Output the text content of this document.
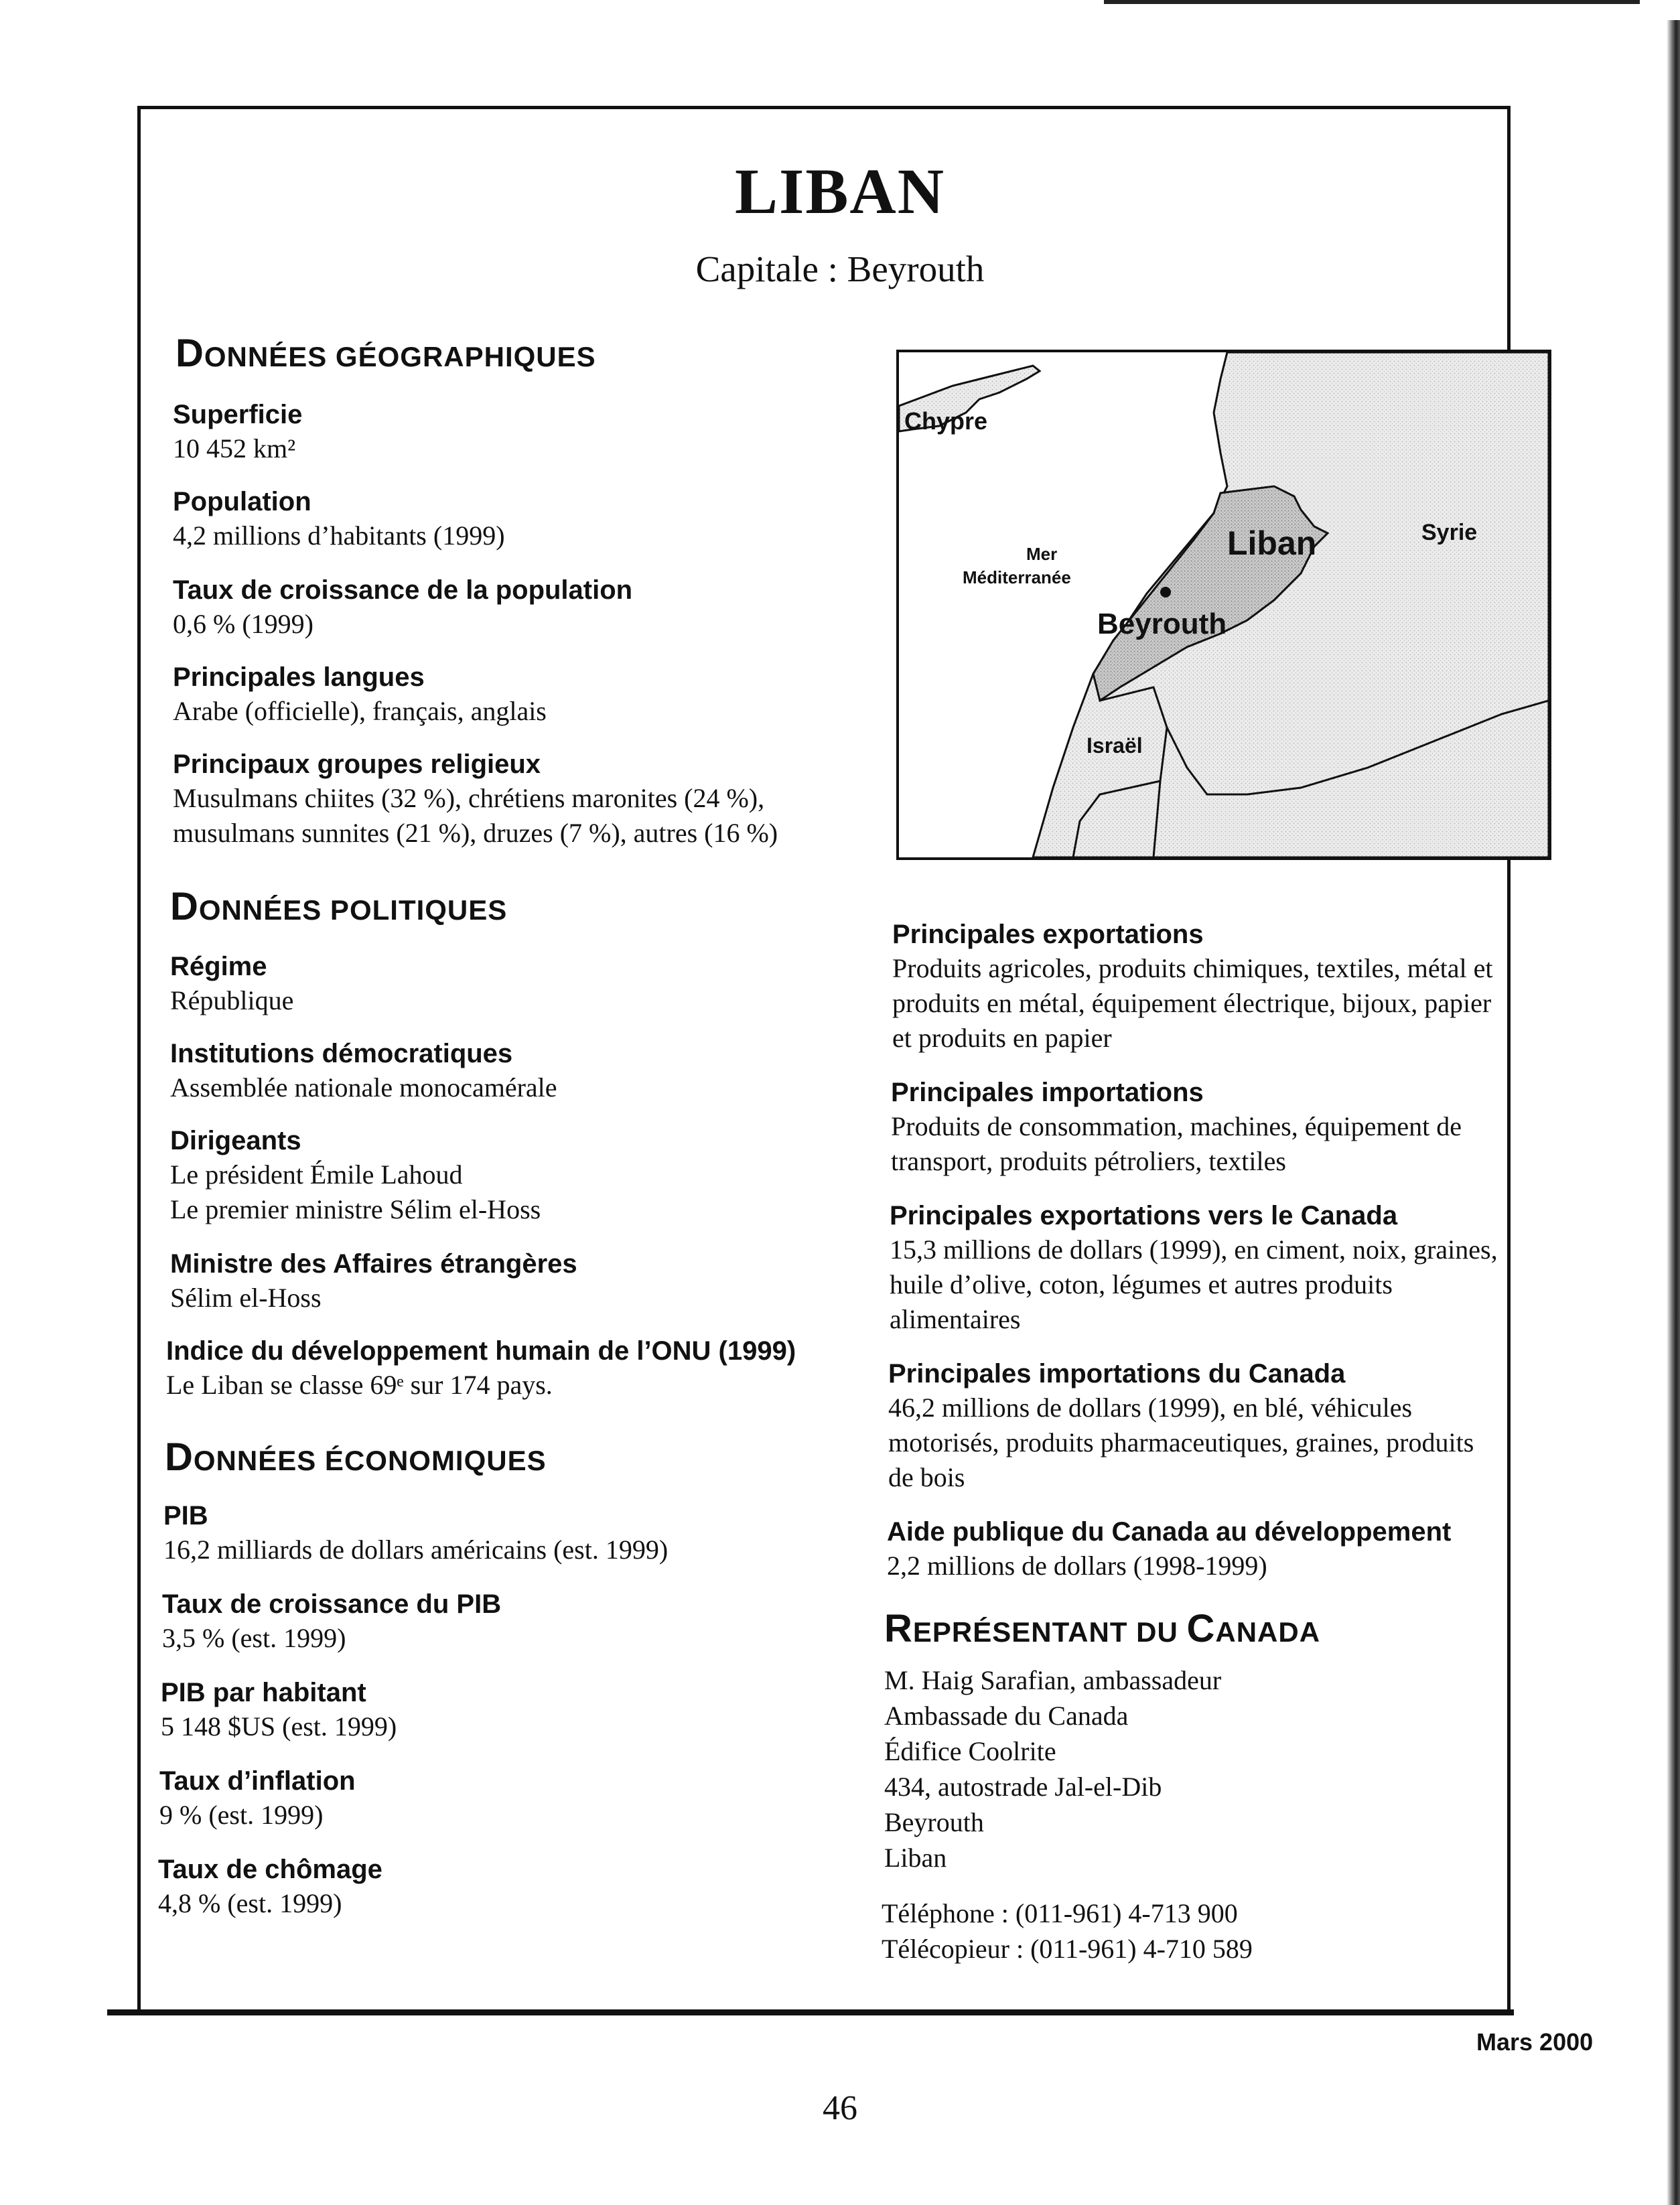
LIBAN
Capitale : Beyrouth
DONNÉES GÉOGRAPHIQUES
Superficie
10 452 km²
Population
4,2 millions d’habitants (1999)
Taux de croissance de la population
0,6 % (1999)
Principales langues
Arabe (officielle), français, anglais
Principaux groupes religieux
Musulmans chiites (32 %), chrétiens maronites (24 %),
musulmans sunnites (21 %), druzes (7 %), autres (16 %)
Chypre
Mer
Méditerranée
Liban	Syrie
Beyrouth
Israël
DONNÉES POLITIQUES
Régime
République
Institutions démocratiques
Assemblée nationale monocamérale
Dirigeants
Le président Émile Lahoud
Le premier ministre Sélim el-Hoss
Ministre des Affaires étrangères
Sélim el-Hoss
Indice du développement humain de l’ONU (1999)
Le Liban se classe 69ᵉ sur 174 pays.
DONNÉES ÉCONOMIQUES
PIB
16,2 milliards de dollars américains (est. 1999)
Taux de croissance du PIB
3,5 % (est. 1999)
PIB par habitant
5 148 $US (est. 1999)
Taux d’inflation
9 % (est. 1999)
Taux de chômage
4,8 % (est. 1999)
Principales exportations
Produits agricoles, produits chimiques, textiles, métal et
produits en métal, équipement électrique, bijoux, papier
et produits en papier
Principales importations
Produits de consommation, machines, équipement de
transport, produits pétroliers, textiles
Principales exportations vers le Canada
15,3 millions de dollars (1999), en ciment, noix, graines,
huile d’olive, coton, légumes et autres produits
alimentaires
Principales importations du Canada
46,2 millions de dollars (1999), en blé, véhicules
motorisés, produits pharmaceutiques, graines, produits
de bois
Aide publique du Canada au développement
2,2 millions de dollars (1998-1999)
REPRÉSENTANT DU CANADA
M. Haig Sarafian, ambassadeur
Ambassade du Canada
Édifice Coolrite
434, autostrade Jal-el-Dib
Beyrouth
Liban
Téléphone : (011-961) 4-713 900
Télécopieur : (011-961) 4-710 589
Mars 2000
46
